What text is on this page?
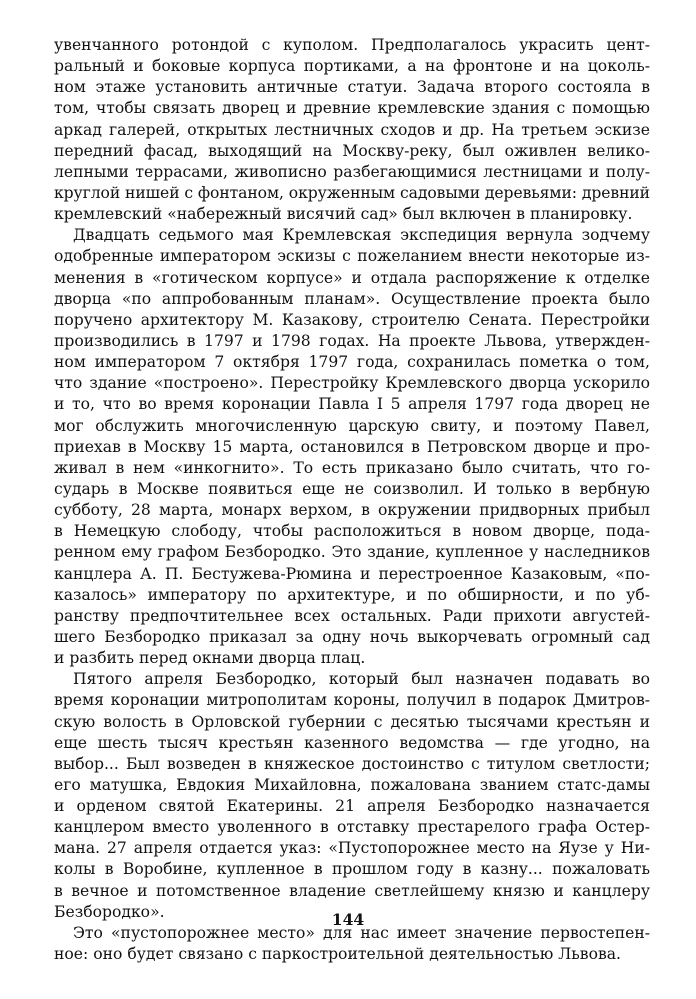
увенчанного ротондой с куполом. Предполагалось украсить цент-
ральный и боковые корпуса портиками, а на фронтоне и на цоколь-
ном этаже установить античные статуи. Задача второго состояла в
том, чтобы связать дворец и древние кремлевские здания с помощью
аркад галерей, открытых лестничных сходов и др. На третьем эскизе
передний фасад, выходящий на Москву-реку, был оживлен велико-
лепными террасами, живописно разбегающимися лестницами и полу-
круглой нишей с фонтаном, окруженным садовыми деревьями: древний
кремлевский «набережный висячий сад» был включен в планировку.
Двадцать седьмого мая Кремлевская экспедиция вернула зодчему
одобренные императором эскизы с пожеланием внести некоторые из-
менения в «готическом корпусе» и отдала распоряжение к отделке
дворца «по аппробованным планам». Осуществление проекта было
поручено архитектору М. Казакову, строителю Сената. Перестройки
производились в 1797 и 1798 годах. На проекте Львова, утвержден-
ном императором 7 октября 1797 года, сохранилась пометка о том,
что здание «построено». Перестройку Кремлевского дворца ускорило
и то, что во время коронации Павла I 5 апреля 1797 года дворец не
мог обслужить многочисленную царскую свиту, и поэтому Павел,
приехав в Москву 15 марта, остановился в Петровском дворце и про-
живал в нем «инкогнито». То есть приказано было считать, что го-
сударь в Москве появиться еще не соизволил. И только в вербную
субботу, 28 марта, монарх верхом, в окружении придворных прибыл
в Немецкую слободу, чтобы расположиться в новом дворце, пода-
ренном ему графом Безбородко. Это здание, купленное у наследников
канцлера А. П. Бестужева-Рюмина и перестроенное Казаковым, «по-
казалось» императору по архитектуре, и по обширности, и по уб-
ранству предпочтительнее всех остальных. Ради прихоти августей-
шего Безбородко приказал за одну ночь выкорчевать огромный сад
и разбить перед окнами дворца плац.
Пятого апреля Безбородко, который был назначен подавать во
время коронации митрополитам короны, получил в подарок Дмитров-
скую волость в Орловской губернии с десятью тысячами крестьян и
еще шесть тысяч крестьян казенного ведомства — где угодно, на
выбор... Был возведен в княжеское достоинство с титулом светлости;
его матушка, Евдокия Михайловна, пожалована званием статс-дамы
и орденом святой Екатерины. 21 апреля Безбородко назначается
канцлером вместо уволенного в отставку престарелого графа Остер-
мана. 27 апреля отдается указ: «Пустопорожнее место на Яузе у Ни-
колы в Воробине, купленное в прошлом году в казну... пожаловать
в вечное и потомственное владение светлейшему князю и канцлеру
Безбородко».
Это «пустопорожнее место» для нас имеет значение первостепен-
ное: оно будет связано с паркостроительной деятельностью Львова.
144
